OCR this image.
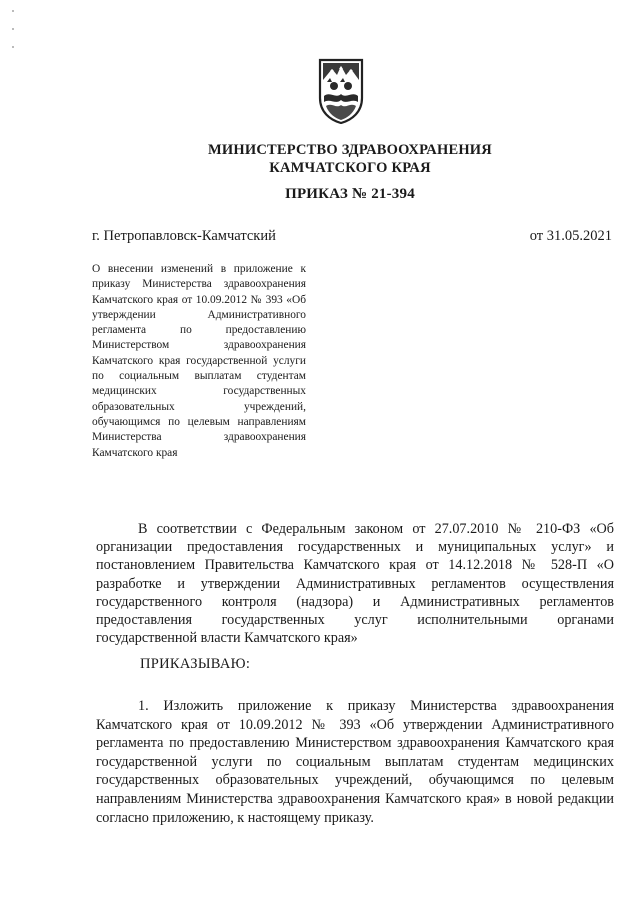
МИНИСТЕРСТВО ЗДРАВООХРАНЕНИЯ
КАМЧАТСКОГО КРАЯ
ПРИКАЗ № 21-394
г. Петропавловск-Камчатский	от 31.05.2021
О внесении изменений в приложение к приказу Министерства здравоохранения Камчатского края от 10.09.2012 № 393 «Об утверждении Административного регламента по предоставлению Министерством здравоохранения Камчатского края государственной услуги по социальным выплатам студентам медицинских государственных образовательных учреждений, обучающимся по целевым направлениям Министерства здравоохранения Камчатского края
В соответствии с Федеральным законом от 27.07.2010 № 210-ФЗ «Об организации предоставления государственных и муниципальных услуг» и постановлением Правительства Камчатского края от 14.12.2018 № 528-П «О разработке и утверждении Административных регламентов осуществления государственного контроля (надзора) и Административных регламентов предоставления государственных услуг исполнительными органами государственной власти Камчатского края»
ПРИКАЗЫВАЮ:
1. Изложить приложение к приказу Министерства здравоохранения Камчатского края от 10.09.2012 № 393 «Об утверждении Административного регламента по предоставлению Министерством здравоохранения Камчатского края государственной услуги по социальным выплатам студентам медицинских государственных образовательных учреждений, обучающимся по целевым направлениям Министерства здравоохранения Камчатского края» в новой редакции согласно приложению, к настоящему приказу.
